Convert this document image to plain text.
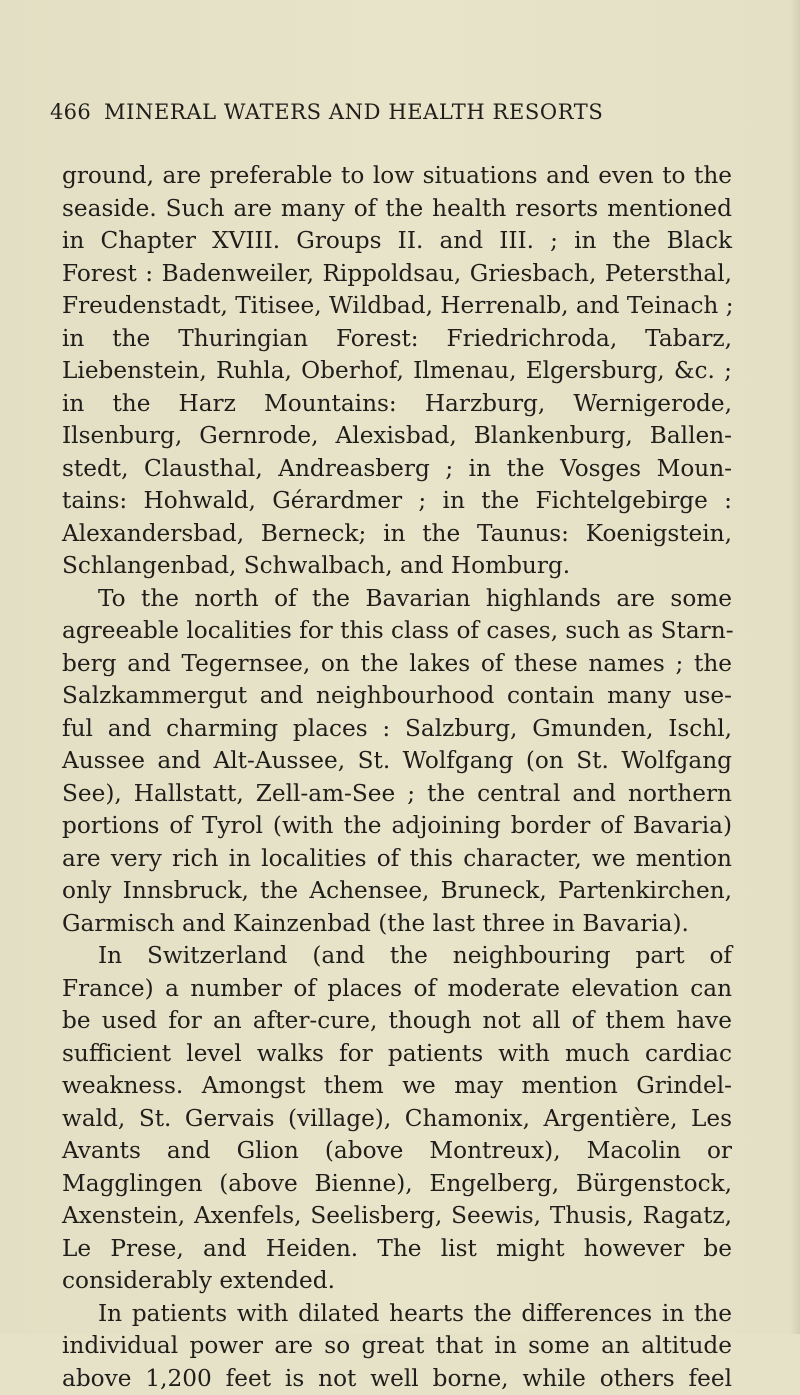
466 MINERAL WATERS AND HEALTH RESORTS
ground, are preferable to low situations and even to the
seaside. Such are many of the health resorts mentioned
in Chapter XVIII. Groups II. and III. ; in the Black
Forest : Badenweiler, Rippoldsau, Griesbach, Petersthal,
Freudenstadt, Titisee, Wildbad, Herrenalb, and Teinach ;
in the Thuringian Forest: Friedrichroda, Tabarz,
Liebenstein, Ruhla, Oberhof, Ilmenau, Elgersburg, &c. ;
in the Harz Mountains: Harzburg, Wernigerode,
Ilsenburg, Gernrode, Alexisbad, Blankenburg, Ballen-
stedt, Clausthal, Andreasberg ; in the Vosges Moun-
tains: Hohwald, Gérardmer ; in the Fichtelgebirge :
Alexandersbad, Berneck; in the Taunus: Koenigstein,
Schlangenbad, Schwalbach, and Homburg.
To the north of the Bavarian highlands are some
agreeable localities for this class of cases, such as Starn-
berg and Tegernsee, on the lakes of these names ; the
Salzkammergut and neighbourhood contain many use-
ful and charming places : Salzburg, Gmunden, Ischl,
Aussee and Alt-Aussee, St. Wolfgang (on St. Wolfgang
See), Hallstatt, Zell-am-See ; the central and northern
portions of Tyrol (with the adjoining border of Bavaria)
are very rich in localities of this character, we mention
only Innsbruck, the Achensee, Bruneck, Partenkirchen,
Garmisch and Kainzenbad (the last three in Bavaria).
In Switzerland (and the neighbouring part of
France) a number of places of moderate elevation can
be used for an after-cure, though not all of them have
sufficient level walks for patients with much cardiac
weakness. Amongst them we may mention Grindel-
wald, St. Gervais (village), Chamonix, Argentière, Les
Avants and Glion (above Montreux), Macolin or
Magglingen (above Bienne), Engelberg, Bürgenstock,
Axenstein, Axenfels, Seelisberg, Seewis, Thusis, Ragatz,
Le Prese, and Heiden. The list might however be
considerably extended.
In patients with dilated hearts the differences in the
individual power are so great that in some an altitude
above 1,200 feet is not well borne, while others feel
